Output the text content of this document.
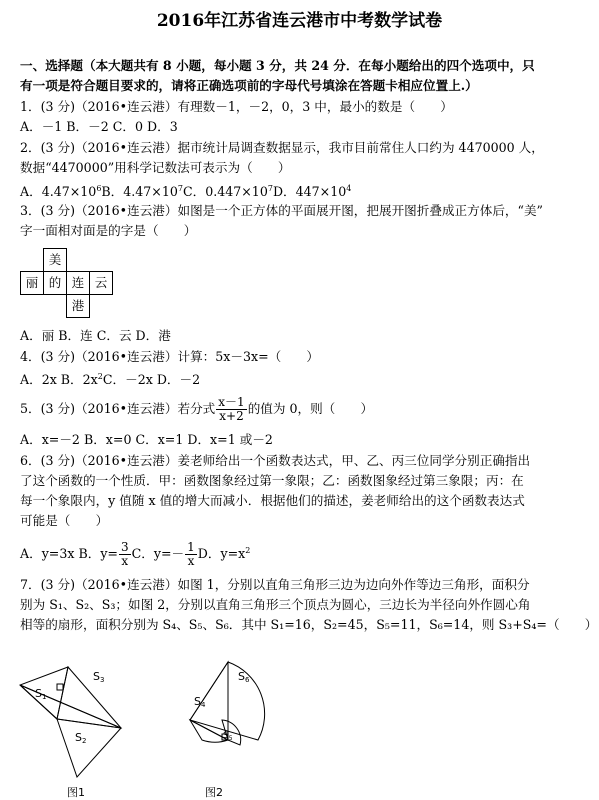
2016年江苏省连云港市中考数学试卷
一、选择题（本大题共有 8 小题，每小题 3 分，共 24 分．在每小题给出的四个选项中，只
有一项是符合题目要求的，请将正确选项前的字母代号填涂在答题卡相应位置上.）
1．(3 分)（2016•连云港）有理数－1，－2，0，3 中，最小的数是（　　）
A．－1 B．－2 C．0 D．3
2．(3 分)（2016•连云港）据市统计局调查数据显示，我市目前常住人口约为 4470000 人，
数据“4470000”用科学记数法可表示为（　　）
A．$4.47\times 10^6B$．$4.47\times 10^7C$．$0.447\times 10^7D$．$447\times 10^4$
3．(3 分)（2016•连云港）如图是一个正方体的平面展开图，把展开图折叠成正方体后，“美”
字一面相对面是的字是（　　）
美
丽 的 连 云
港
A．丽 B．连 C．云 D．港
4．(3 分)（2016•连云港）计算：5x－3x=（　　）
A．2x B．$2x^2C$．－2x D．－2
5．(3 分)（2016•连云港）若分式 $\frac{x-1}{x+2}$ 的值为 0，则（　　）
A．x=－2 B．x=0 C．x=1 D．x=1 或－2
6．(3 分)（2016•连云港）姜老师给出一个函数表达式，甲、乙、丙三位同学分别正确指出
了这个函数的一个性质．甲：函数图象经过第一象限；乙：函数图象经过第三象限；丙：在
每一个象限内，y 值随 x 值的增大而减小．根据他们的描述，姜老师给出的这个函数表达式
可能是（　　）
A．y=3x B．$y= \frac{3}{x}$ C．$y=- \frac{1}{x}$ D．$y=x^2$
7．(3 分)（2016•连云港）如图 1，分别以直角三角形三边为边向外作等边三角形，面积分
别为 S₁、S₂、S₃；如图 2，分别以直角三角形三个顶点为圆心，三边长为半径向外作圆心角
相等的扇形，面积分别为 S₄、S₅、S₆．其中 S₁=16，S₂=45，S₅=11，S₆=14，则 S₃+S₄=（　　）
S3
S1
S2
图1
S6
S4
$S_5$
图2
